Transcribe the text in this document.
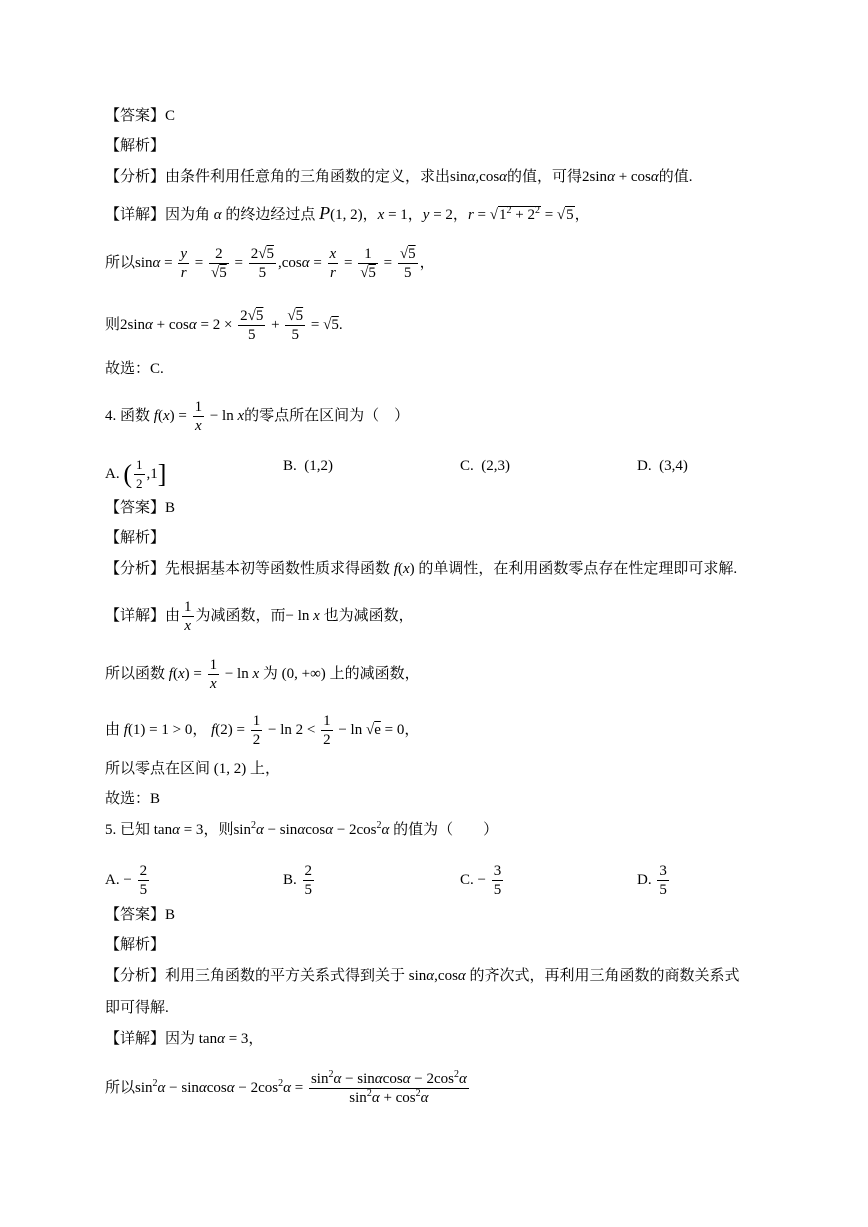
【答案】C
【解析】
【分析】由条件利用任意角的三角函数的定义，求出sinα,cosα的值，可得2sinα + cosα的值.
【详解】因为角 α 的终边经过点 P(1, 2)，x = 1，y = 2，$r = √1^2 + 2^2 = √5$，
所以$\sin\alpha = \frac{y}{r} = \frac{2}{√5} = \frac{2√5}{5} ,\cos\alpha = \frac{x}{r} = \frac{1}{√5} = \frac{√5}{5}$ ，
则$2\sin\alpha + \cos\alpha = 2 \times \frac{2√5}{5} + \frac{√5}{5} = √5$.
故选：C.
4. 函数 $f(x) = \frac{1}{x} - \ln x$的零点所在区间为（　）
A. ( $\frac{1}{2} ,1$]	B. (1,2)	C. (2,3)	D. (3,4)
【答案】B
【解析】
【分析】先根据基本初等函数性质求得函数 f(x) 的单调性，在利用函数零点存在性定理即可求解.
【详解】由 $\frac{1}{x}$ 为减函数，而− ln x 也为减函数，
所以函数 $f(x) = \frac{1}{x} - \ln x$ 为 (0, +∞) 上的减函数，
由 f(1) = 1 > 0， $f(2) = \frac{1}{2} - \ln 2 < \frac{1}{2} - \ln √e = 0$，
所以零点在区间 (1, 2) 上，
故选：B
5. 已知 tanα = 3，则$\sin^2\alpha - \sin\alpha\cos\alpha - 2\cos^2\alpha$ 的值为（　　）
A. − $\frac{2}{5}$	B. $\frac{2}{5}$	C. − $\frac{3}{5}$	D. $\frac{3}{5}$
【答案】B
【解析】
【分析】利用三角函数的平方关系式得到关于 sinα,cosα 的齐次式，再利用三角函数的商数关系式
即可得解.
【详解】因为 tanα = 3，
所以$\sin^2\alpha - \sin\alpha\cos\alpha - 2\cos^2\alpha = \frac{\sin^2\alpha - \sin\alpha\cos\alpha - 2\cos^2\alpha}{\sin^2\alpha + \cos^2\alpha}$
